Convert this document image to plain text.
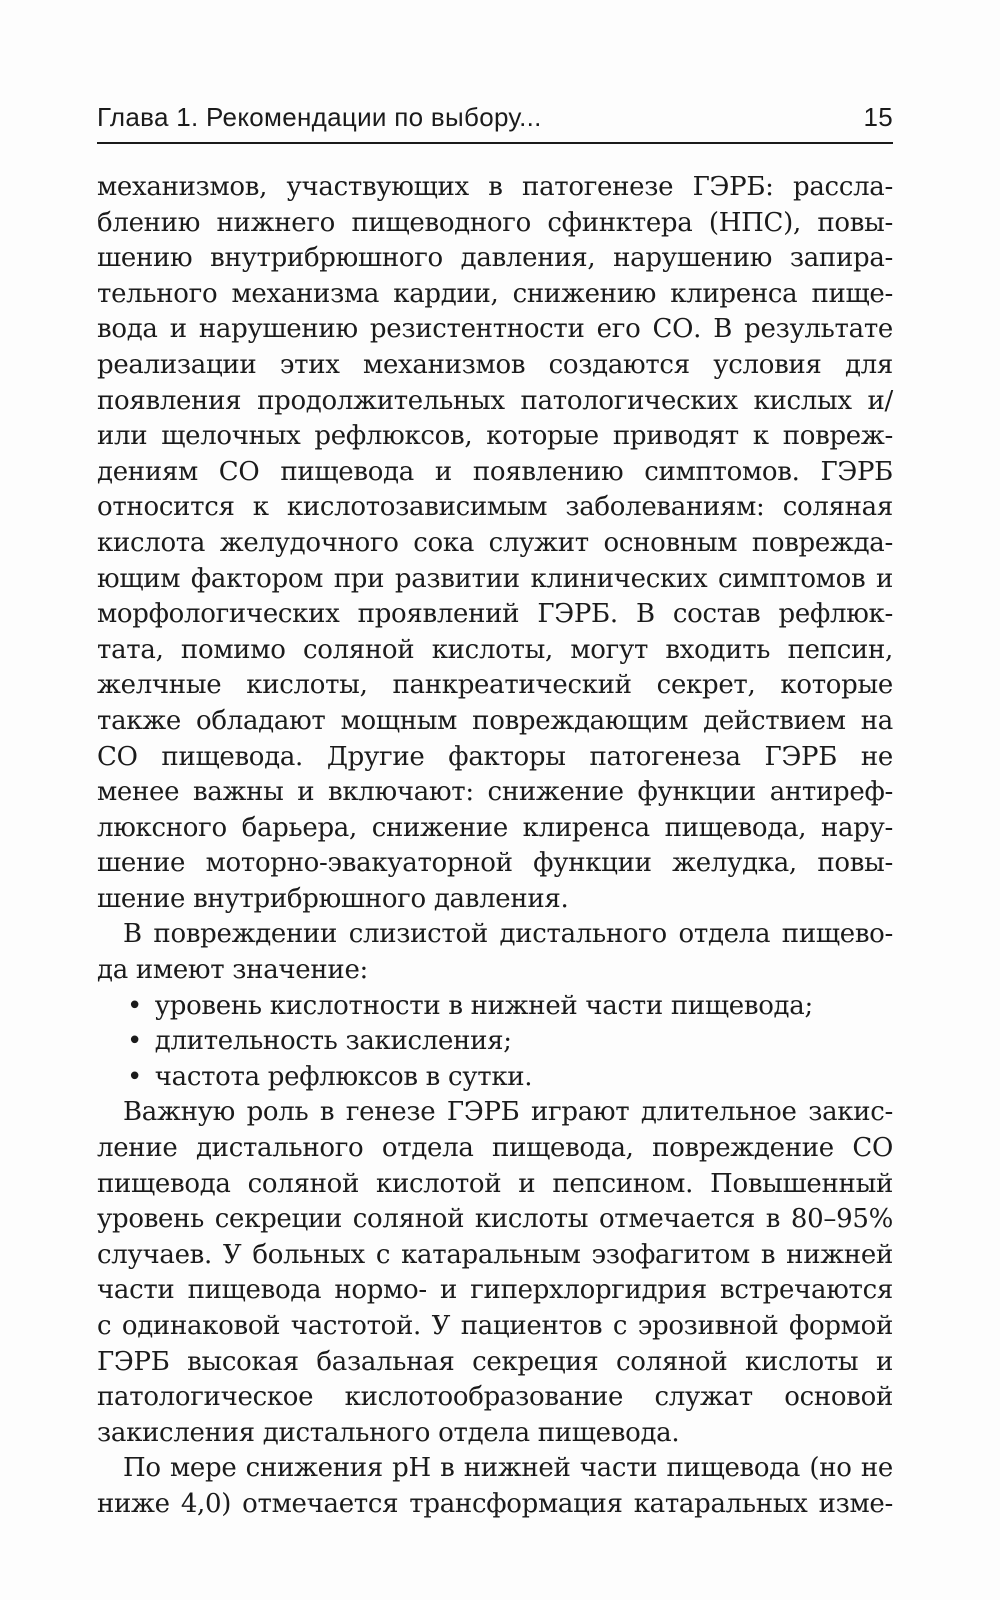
Глава 1. Рекомендации по выбору...	15
механизмов, участвующих в патогенезе ГЭРБ: рассла-
блению нижнего пищеводного сфинктера (НПС), повы-
шению внутрибрюшного давления, нарушению запира-
тельного механизма кардии, снижению клиренса пище-
вода и нарушению резистентности его СО. В результате
реализации этих механизмов создаются условия для
появления продолжительных патологических кислых и/
или щелочных рефлюксов, которые приводят к повреж-
дениям СО пищевода и появлению симптомов. ГЭРБ
относится к кислотозависимым заболеваниям: соляная
кислота желудочного сока служит основным поврежда-
ющим фактором при развитии клинических симптомов и
морфологических проявлений ГЭРБ. В состав рефлюк-
тата, помимо соляной кислоты, могут входить пепсин,
желчные кислоты, панкреатический секрет, которые
также обладают мощным повреждающим действием на
СО пищевода. Другие факторы патогенеза ГЭРБ не
менее важны и включают: снижение функции антиреф-
люксного барьера, снижение клиренса пищевода, нару-
шение моторно-эвакуаторной функции желудка, повы-
шение внутрибрюшного давления.
В повреждении слизистой дистального отдела пищево-
да имеют значение:
• уровень кислотности в нижней части пищевода;
• длительность закисления;
• частота рефлюксов в сутки.
Важную роль в генезе ГЭРБ играют длительное закис-
ление дистального отдела пищевода, повреждение СО
пищевода соляной кислотой и пепсином. Повышенный
уровень секреции соляной кислоты отмечается в 80–95%
случаев. У больных с катаральным эзофагитом в нижней
части пищевода нормо- и гиперхлоргидрия встречаются
с одинаковой частотой. У пациентов с эрозивной формой
ГЭРБ высокая базальная секреция соляной кислоты и
патологическое кислотообразование служат основой
закисления дистального отдела пищевода.
По мере снижения pH в нижней части пищевода (но не
ниже 4,0) отмечается трансформация катаральных изме-
